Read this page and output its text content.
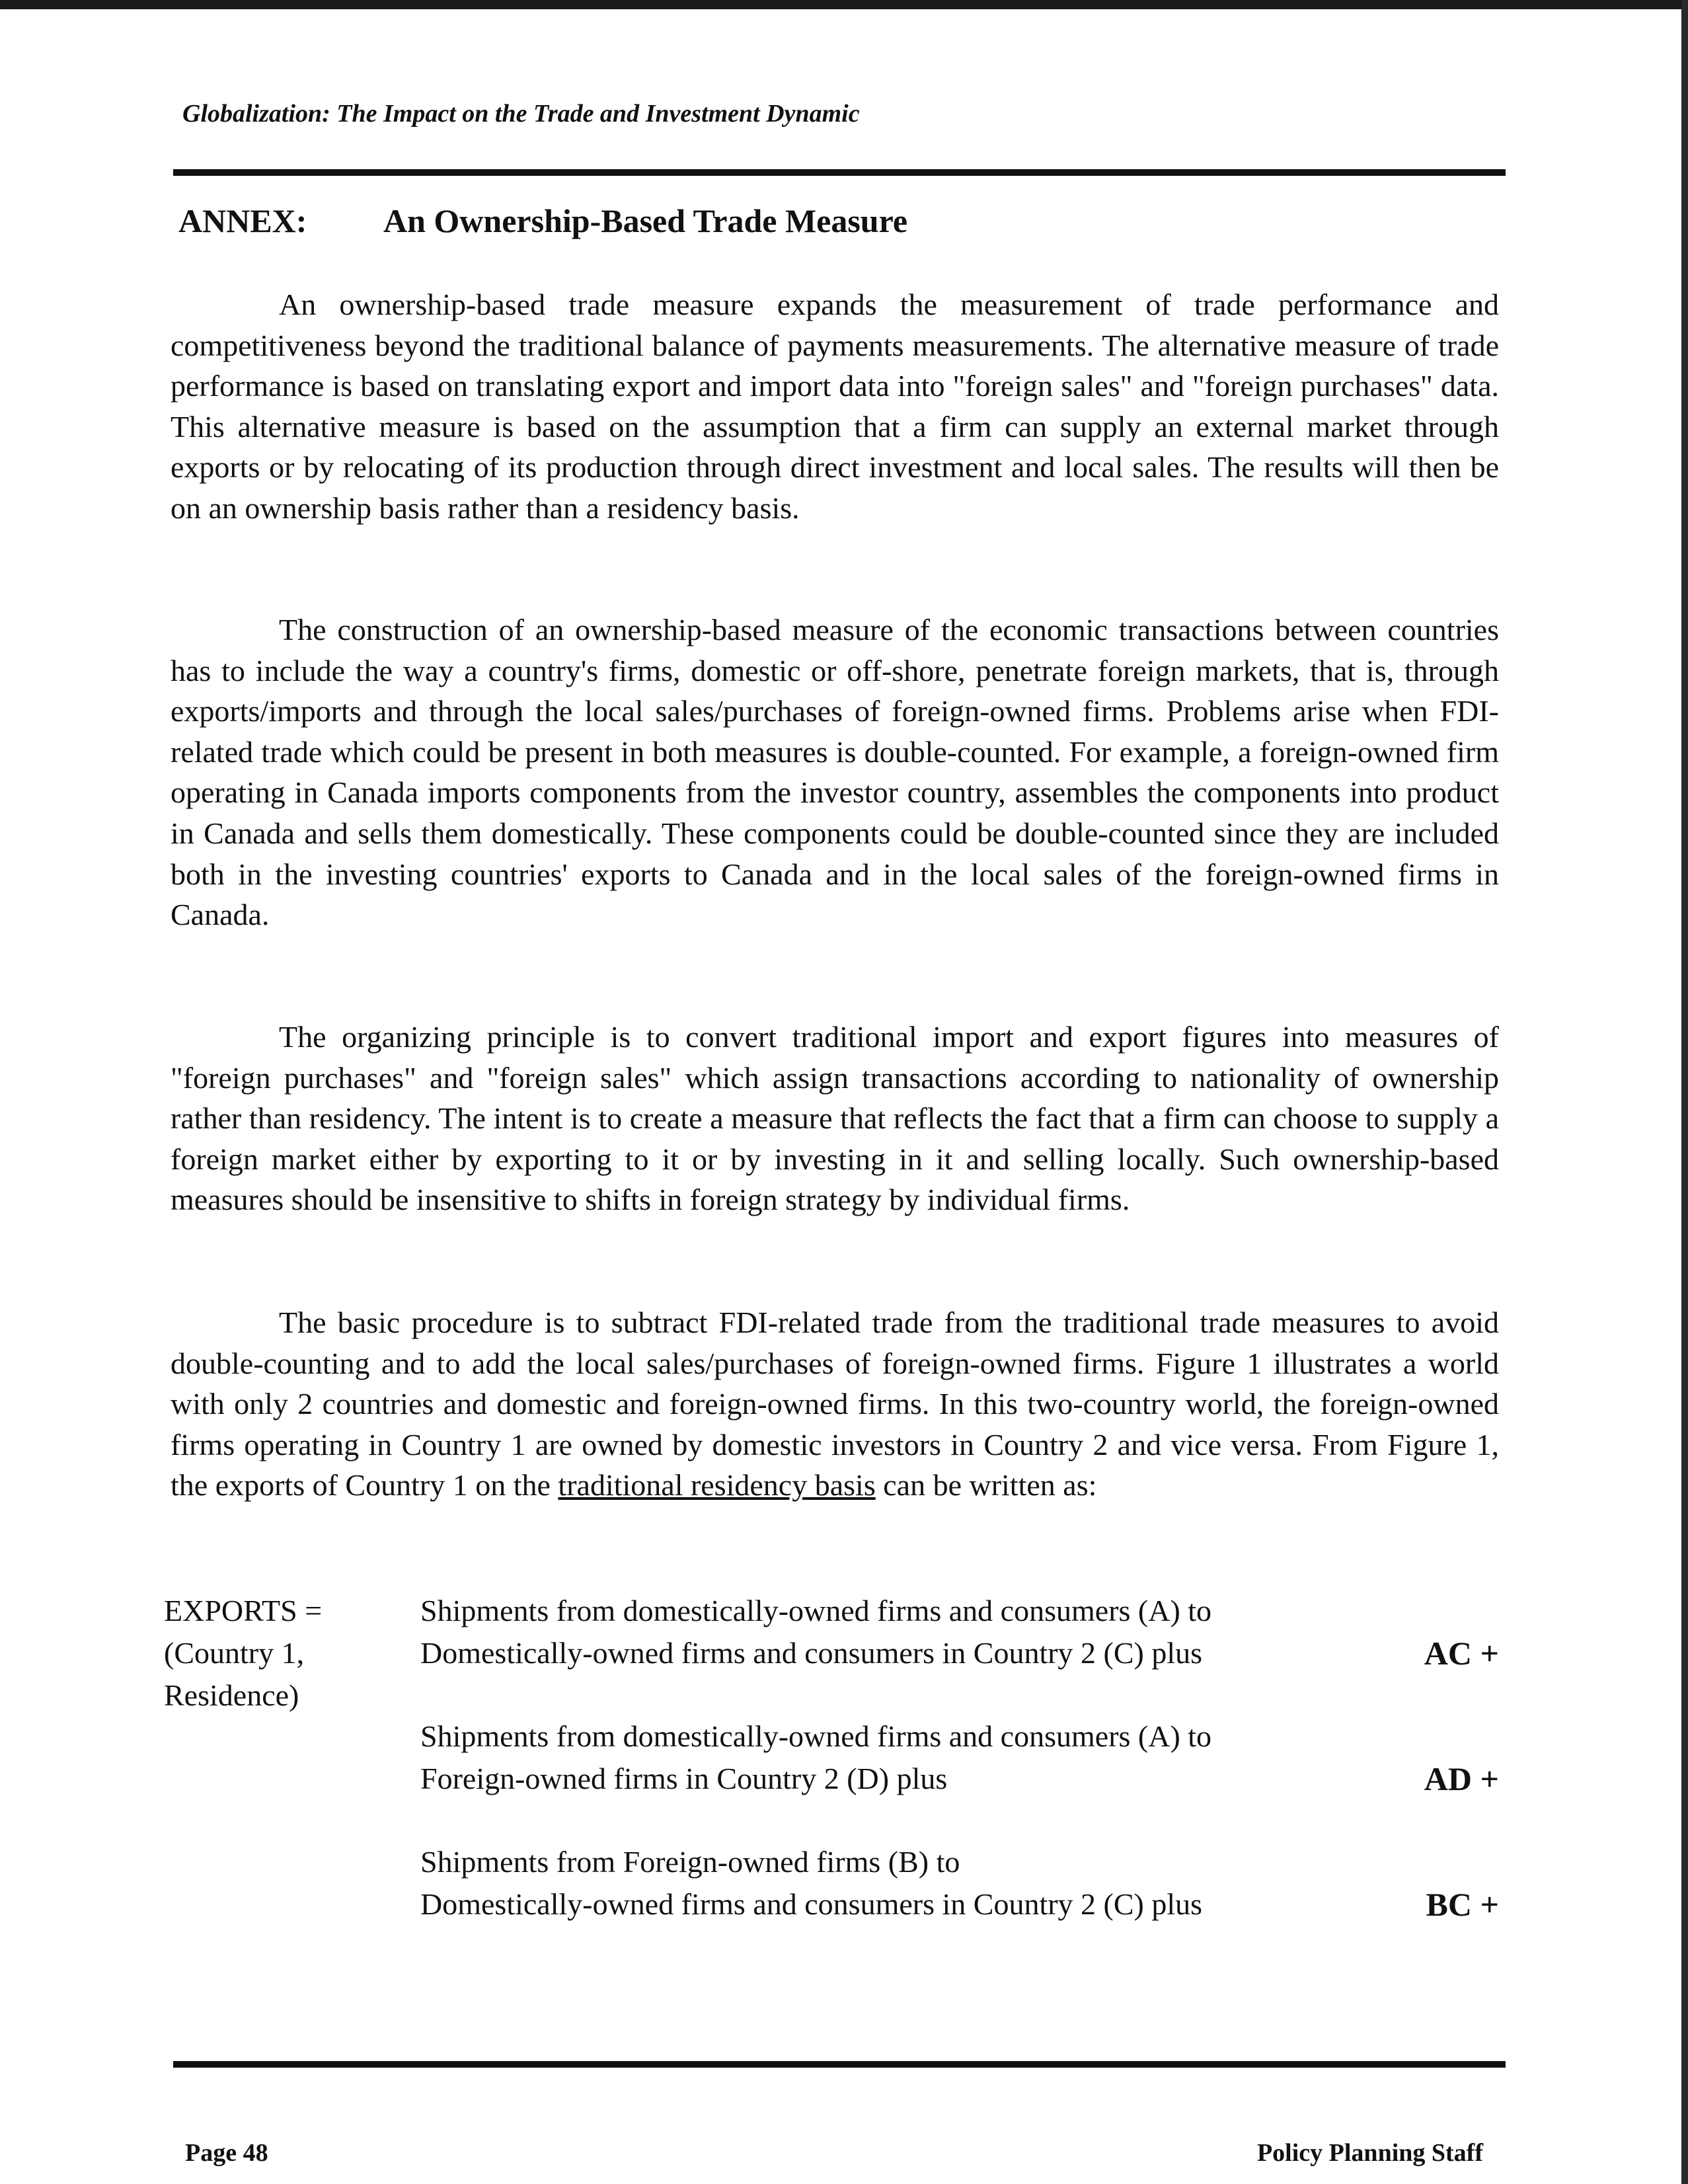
Globalization: The Impact on the Trade and Investment Dynamic
ANNEX: An Ownership-Based Trade Measure

An ownership-based trade measure expands the measurement of trade performance and competitiveness beyond the traditional balance of payments measurements. The alternative measure of trade performance is based on translating export and import data into "foreign sales" and "foreign purchases" data. This alternative measure is based on the assumption that a firm can supply an external market through exports or by relocating of its production through direct investment and local sales. The results will then be on an ownership basis rather than a residency basis.

The construction of an ownership-based measure of the economic transactions between countries has to include the way a country's firms, domestic or off-shore, penetrate foreign markets, that is, through exports/imports and through the local sales/purchases of foreign-owned firms. Problems arise when FDI-related trade which could be present in both measures is double-counted. For example, a foreign-owned firm operating in Canada imports components from the investor country, assembles the components into product in Canada and sells them domestically. These components could be double-counted since they are included both in the investing countries' exports to Canada and in the local sales of the foreign-owned firms in Canada.

The organizing principle is to convert traditional import and export figures into measures of "foreign purchases" and "foreign sales" which assign transactions according to nationality of ownership rather than residency. The intent is to create a measure that reflects the fact that a firm can choose to supply a foreign market either by exporting to it or by investing in it and selling locally. Such ownership-based measures should be insensitive to shifts in foreign strategy by individual firms.

The basic procedure is to subtract FDI-related trade from the traditional trade measures to avoid double-counting and to add the local sales/purchases of foreign-owned firms. Figure 1 illustrates a world with only 2 countries and domestic and foreign-owned firms. In this two-country world, the foreign-owned firms operating in Country 1 are owned by domestic investors in Country 2 and vice versa. From Figure 1, the exports of Country 1 on the traditional residency basis can be written as:

EXPORTS =
(Country 1,
Residence)
Shipments from domestically-owned firms and consumers (A) to
Domestically-owned firms and consumers in Country 2 (C) plus	AC +
Shipments from domestically-owned firms and consumers (A) to
Foreign-owned firms in Country 2 (D) plus	AD +
Shipments from Foreign-owned firms (B) to
Domestically-owned firms and consumers in Country 2 (C) plus	BC +
Page 48	Policy Planning Staff
